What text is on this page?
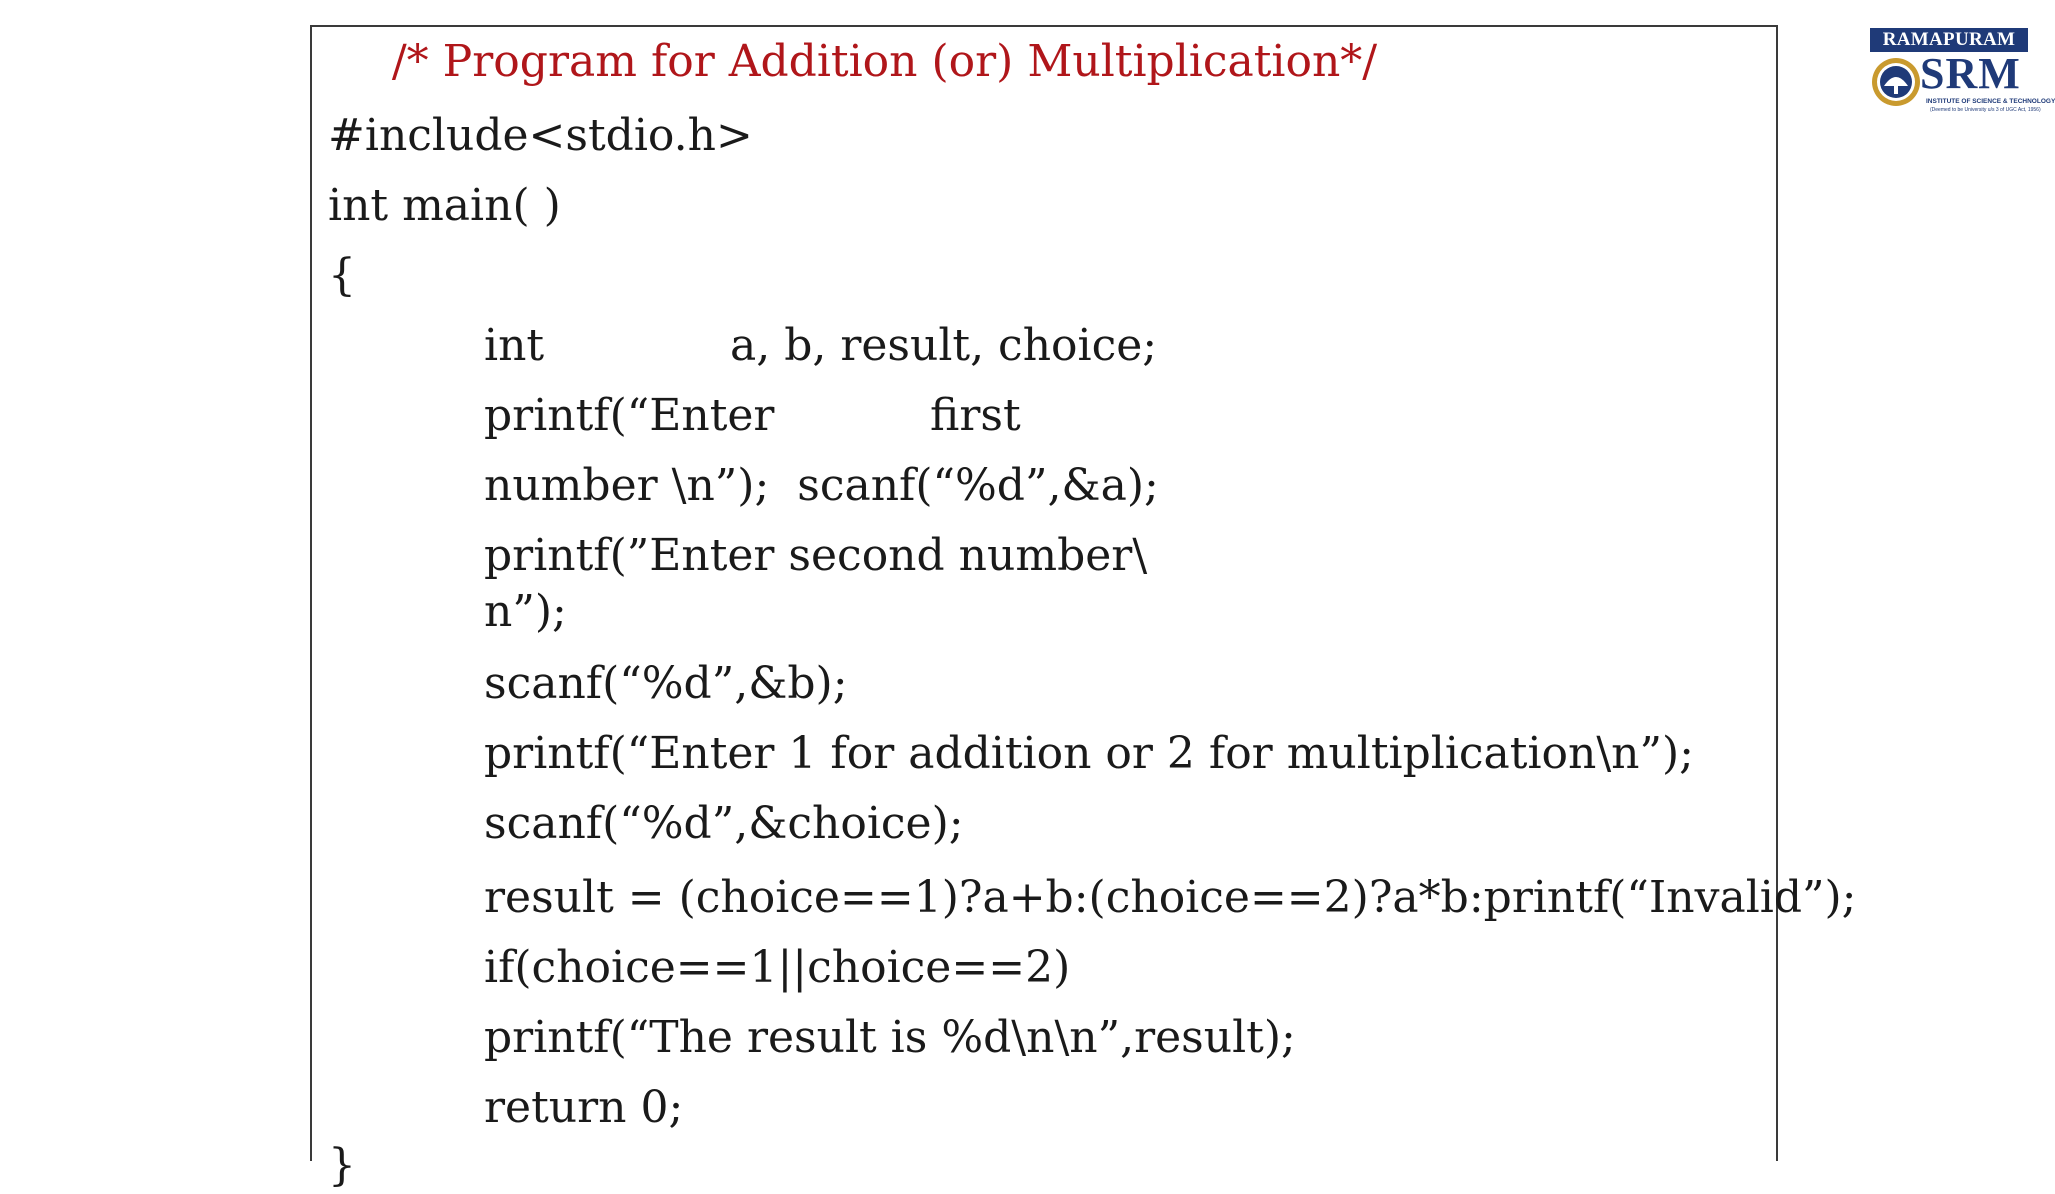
/* Program for Addition (or) Multiplication*/
#include<stdio.h>
int main( )
{
int	a, b, result, choice;
printf(“Enter	first
number \n”);  scanf(“%d”,&a);
printf(”Enter second number\
n”);
scanf(“%d”,&b);
printf(“Enter 1 for addition or 2 for multiplication\n”);
scanf(“%d”,&choice);
result = (choice==1)?a+b:(choice==2)?a*b:printf(“Invalid”);
if(choice==1||choice==2)
printf(“The result is %d\n\n”,result);
return 0;
}
RAMAPURAM
SRM
INSTITUTE OF SCIENCE & TECHNOLOGY
(Deemed to be University u/s 3 of UGC Act, 1956)
